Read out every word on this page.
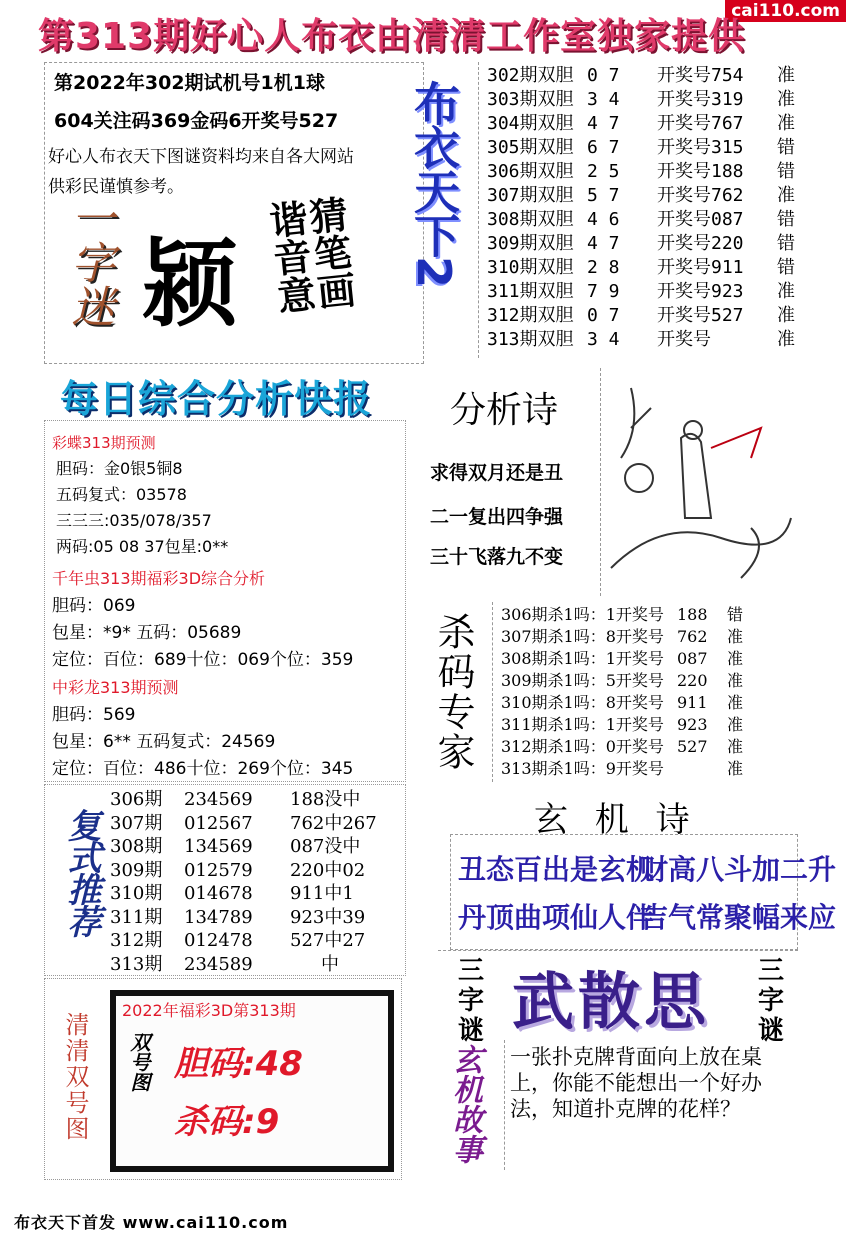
cai110.com
第313期好心人布衣由清清工作室独家提供
第2022年302期试机号1机1球
604关注码369金码6开奖号527
好心人布衣天下图谜资料均来自各大网站
供彩民谨慎参考。
一字迷 颍 猜笔画
谐音意 布衣天下2
302期双胆 0 7 开奖号754 准
303期双胆 3 4 开奖号319 准
304期双胆 4 7 开奖号767 准
305期双胆 6 7 开奖号315 错
306期双胆 2 5 开奖号188 错
307期双胆 5 7 开奖号762 准
308期双胆 4 6 开奖号087 错
309期双胆 4 7 开奖号220 错
310期双胆 2 8 开奖号911 错
311期双胆 7 9 开奖号923 准
312期双胆 0 7 开奖号527 准
313期双胆 3 4 开奖号	准
每日综合分析快报
彩蝶313期预测
胆码：金0银5铜8
五码复式：03578
三三三:035/078/357
两码:05 08 37包星:0**
千年虫313期福彩3D综合分析
胆码：069
包星：*9* 五码：05689
定位：百位：689十位：069个位：359
中彩龙313期预测
胆码：569
包星：6** 五码复式：24569
定位：百位：486十位：269个位：345
分析诗
求得双月还是丑
二一复出四争强
三十飞落九不变
杀码专家 306期杀1吗：1开奖号 188 错
307期杀1吗：8开奖号 762 准
308期杀1吗：1开奖号 087 准
309期杀1吗：5开奖号 220 准
310期杀1吗：8开奖号 911 准
311期杀1吗：1开奖号 923 准
312期杀1吗：0开奖号 527 准
313期杀1吗：9开奖号	准
复式推荐
306期 234569 188没中
307期 012567 762中267
308期 134569 087没中
309期 012579 220中02
310期 014678 911中1
311期 134789 923中39
312期 012478 527中27
313期 234589	中
玄 机 诗
丑态百出是玄机
财高八斗加二升
丹顶曲项仙人伴
吉气常聚幅来应
清清双号图
2022年福彩3D第313期
双号图 胆码:48
杀码:9
三字谜 武散思	三字谜
玄机故事 一张扑克牌背面向上放在桌上，你能不能想出一个好办法，知道扑克牌的花样？
布衣天下首发 www.cai110.com
